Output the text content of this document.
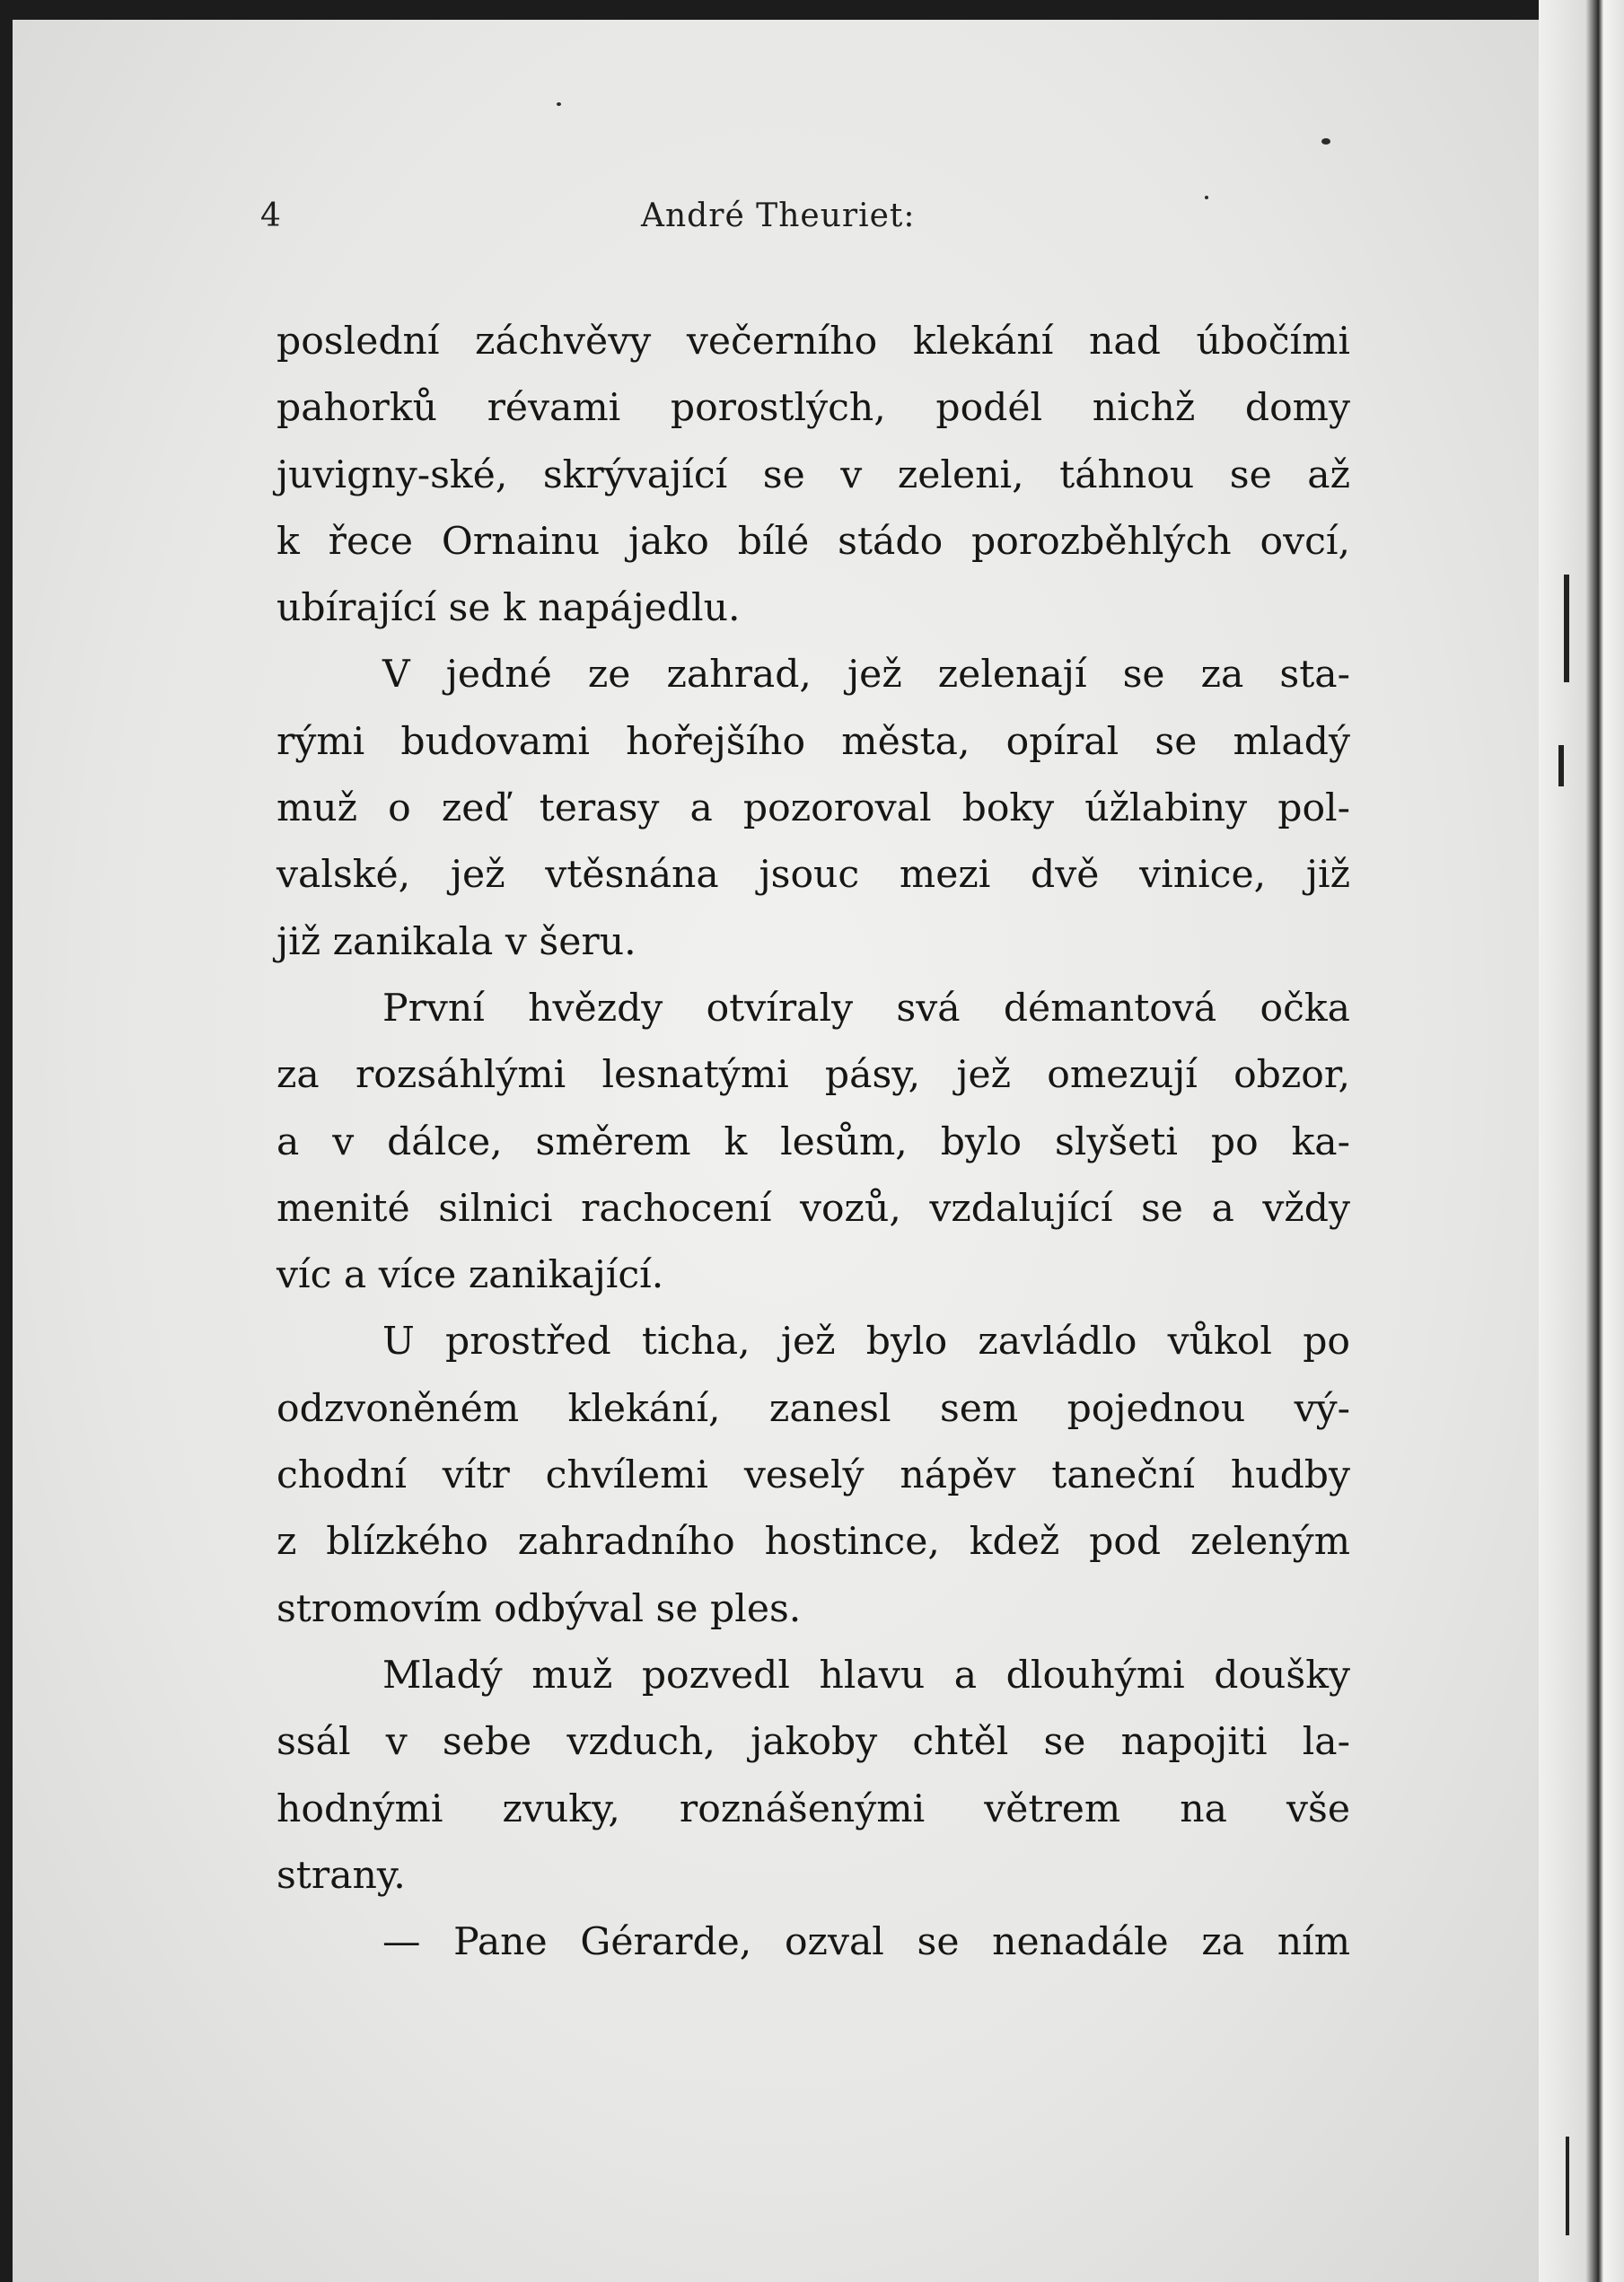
4	André Theuriet:
poslední záchvěvy večerního klekání nad úbočími
pahorků révami porostlých, podél nichž domy
juvigny-ské, skrývající se v zeleni, táhnou se až
k řece Ornainu jako bílé stádo porozběhlých ovcí,
ubírající se k napájedlu.
V jedné ze zahrad, jež zelenají se za sta-
rými budovami hořejšího města, opíral se mladý
muž o zeď terasy a pozoroval boky úžlabiny pol-
valské, jež vtěsnána jsouc mezi dvě vinice, již
již zanikala v šeru.
První hvězdy otvíraly svá démantová očka
za rozsáhlými lesnatými pásy, jež omezují obzor,
a v dálce, směrem k lesům, bylo slyšeti po ka-
menité silnici rachocení vozů, vzdalující se a vždy
víc a více zanikající.
U prostřed ticha, jež bylo zavládlo vůkol po
odzvoněném klekání, zanesl sem pojednou vý-
chodní vítr chvílemi veselý nápěv taneční hudby
z blízkého zahradního hostince, kdež pod zeleným
stromovím odbýval se ples.
Mladý muž pozvedl hlavu a dlouhými doušky
ssál v sebe vzduch, jakoby chtěl se napojiti la-
hodnými zvuky, roznášenými větrem na vše
strany.
— Pane Gérarde, ozval se nenadále za ním
